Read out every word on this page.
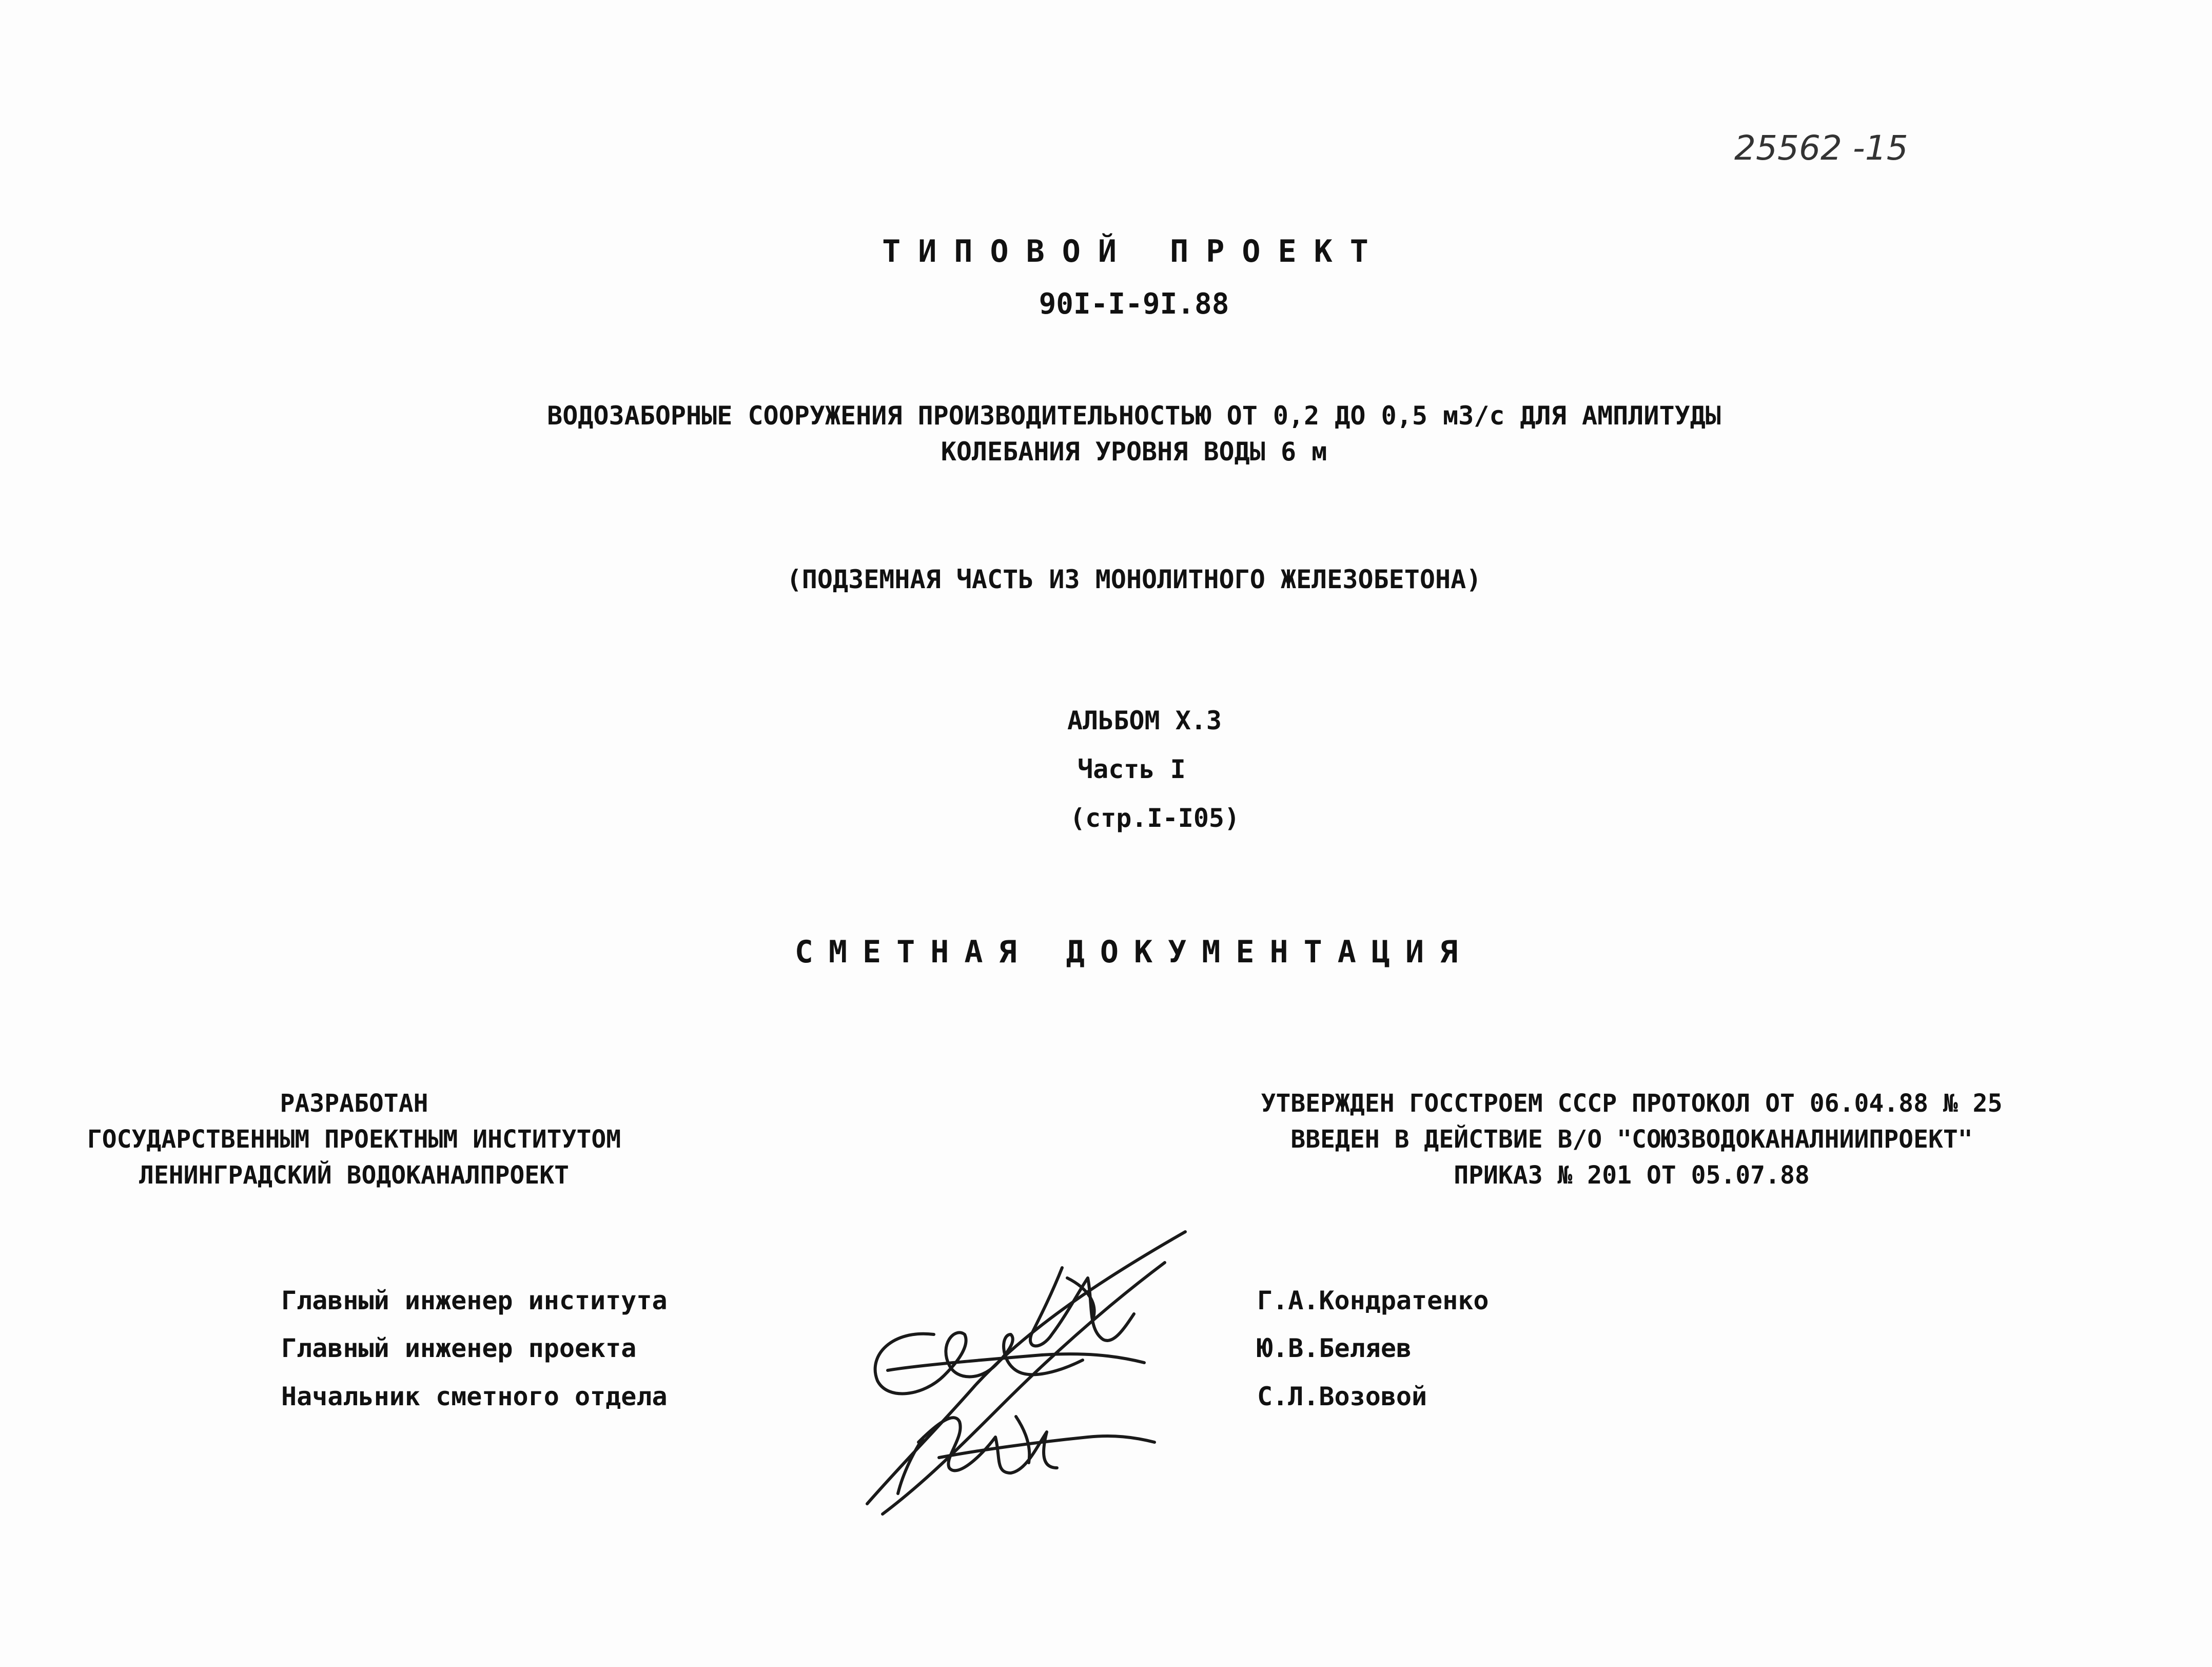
25562 -15
ТИПОВОЙ ПРОЕКТ
90I-I-9I.88
ВОДОЗАБОРНЫЕ СООРУЖЕНИЯ ПРОИЗВОДИТЕЛЬНОСТЬЮ ОТ 0,2 ДО 0,5 м3/с ДЛЯ АМПЛИТУДЫ
КОЛЕБАНИЯ УРОВНЯ ВОДЫ 6 м
(ПОДЗЕМНАЯ ЧАСТЬ ИЗ МОНОЛИТНОГО ЖЕЛЕЗОБЕТОНА)
АЛЬБОМ X.3
Часть I
(стр.I-I05)
СМЕТНАЯ ДОКУМЕНТАЦИЯ
РАЗРАБОТАН
ГОСУДАРСТВЕННЫМ ПРОЕКТНЫМ ИНСТИТУТОМ
ЛЕНИНГРАДСКИЙ ВОДОКАНАЛПРОЕКТ
УТВЕРЖДЕН ГОССТРОЕМ СССР ПРОТОКОЛ ОТ 06.04.88 № 25
ВВЕДЕН В ДЕЙСТВИЕ В/О "СОЮЗВОДОКАНАЛНИИПРОЕКТ"
ПРИКАЗ № 201 ОТ 05.07.88
Главный инженер института
Главный инженер проекта
Начальник сметного отдела
Г.А.Кондратенко
Ю.В.Беляев
С.Л.Возовой
